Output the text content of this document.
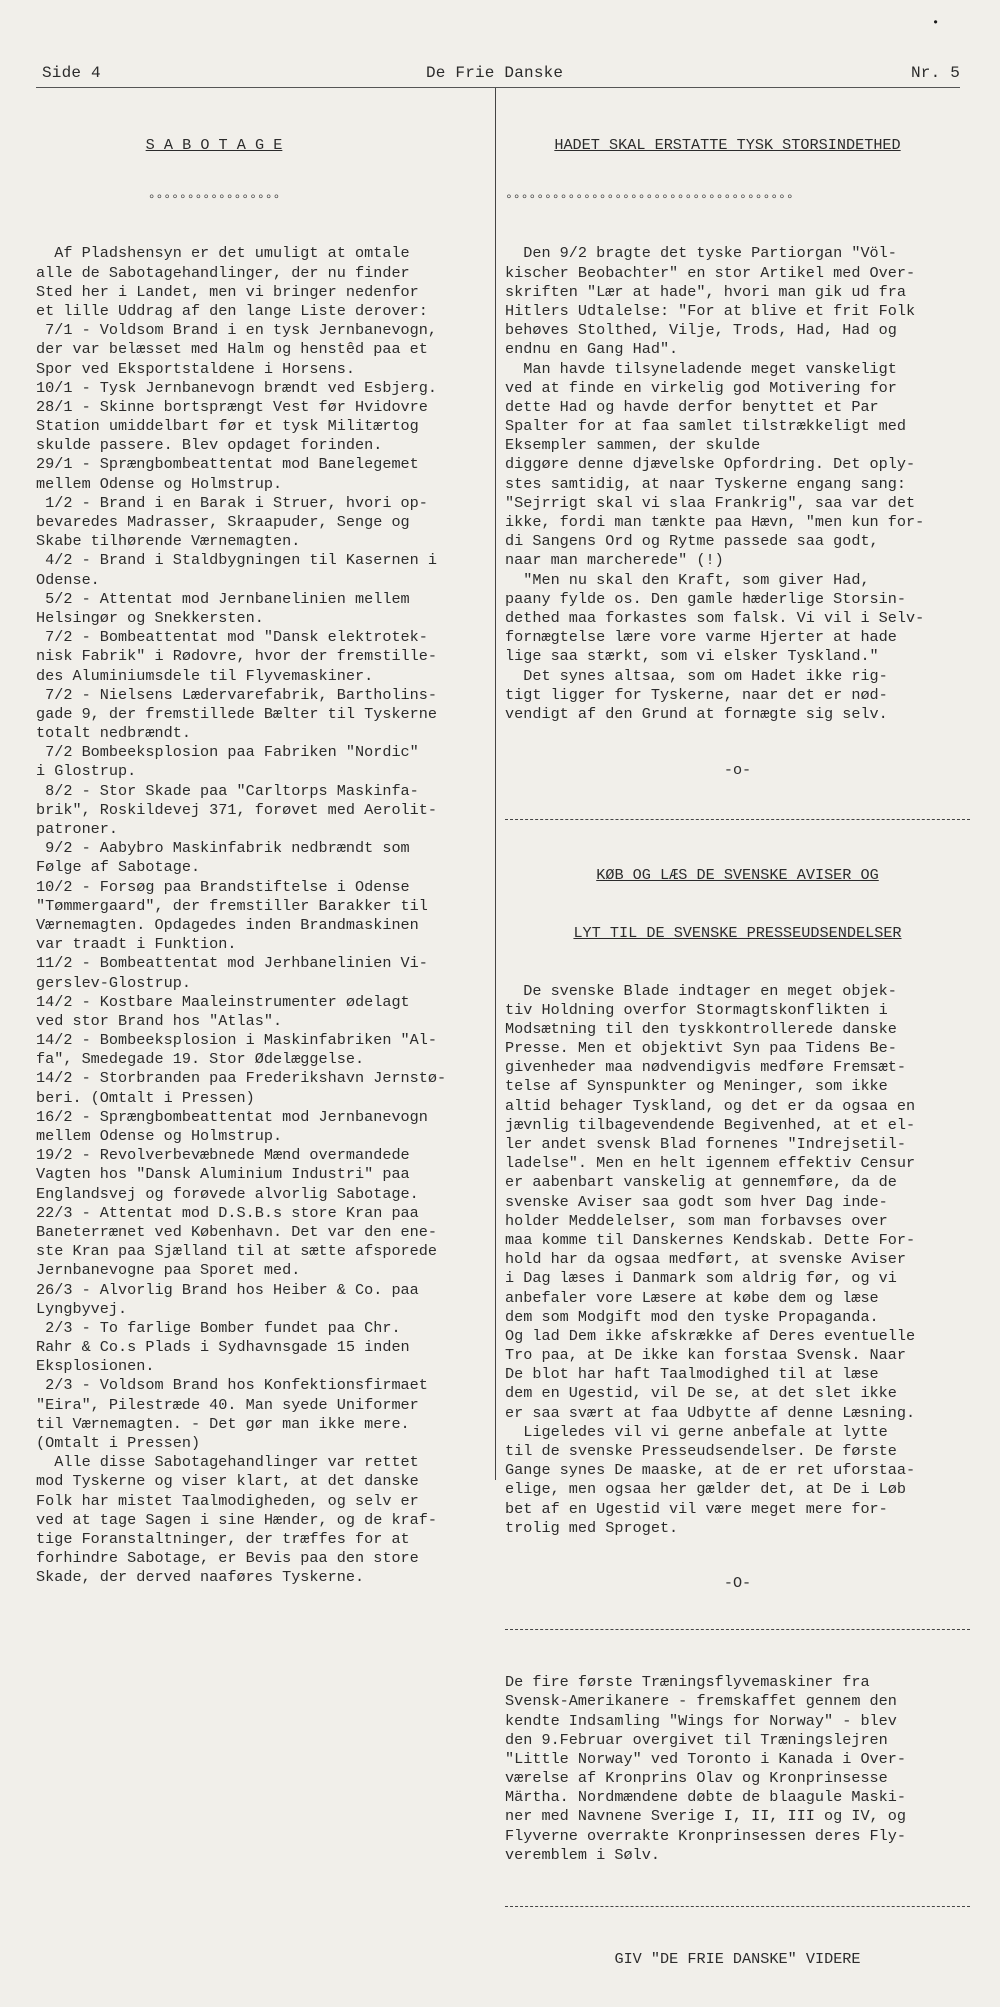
•
Side 4	De Frie Danske	Nr. 5

S A B O T A G E

°°°°°°°°°°°°°°°°°

Af Pladshensyn er det umuligt at omtale
alle de Sabotagehandlinger, der nu finder
Sted her i Landet, men vi bringer nedenfor
et lille Uddrag af den lange Liste derover:
7/1 - Voldsom Brand i en tysk Jernbanevogn,
der var belæsset med Halm og henstêd paa et
Spor ved Eksportstaldene i Horsens.
10/1 - Tysk Jernbanevogn brændt ved Esbjerg.
28/1 - Skinne bortsprængt Vest før Hvidovre
Station umiddelbart før et tysk Militærtog
skulde passere. Blev opdaget forinden.
29/1 - Sprængbombeattentat mod Banelegemet
mellem Odense og Holmstrup.
1/2 - Brand i en Barak i Struer, hvori op-
bevaredes Madrasser, Skraapuder, Senge og
Skabe tilhørende Værnemagten.
4/2 - Brand i Staldbygningen til Kasernen i
Odense.
5/2 - Attentat mod Jernbanelinien mellem
Helsingør og Snekkersten.
7/2 - Bombeattentat mod "Dansk elektrotek-
nisk Fabrik" i Rødovre, hvor der fremstille-
des Aluminiumsdele til Flyvemaskiner.
7/2 - Nielsens Lædervarefabrik, Bartholins-
gade 9, der fremstillede Bælter til Tyskerne
totalt nedbrændt.
7/2 Bombeeksplosion paa Fabriken "Nordic"
i Glostrup.
8/2 - Stor Skade paa "Carltorps Maskinfa-
brik", Roskildevej 371, forøvet med Aerolit-
patroner.
9/2 - Aabybro Maskinfabrik nedbrændt som
Følge af Sabotage.
10/2 - Forsøg paa Brandstiftelse i Odense
"Tømmergaard", der fremstiller Barakker til
Værnemagten. Opdagedes inden Brandmaskinen
var traadt i Funktion.
11/2 - Bombeattentat mod Jerhbanelinien Vi-
gerslev-Glostrup.
14/2 - Kostbare Maaleinstrumenter ødelagt
ved stor Brand hos "Atlas".
14/2 - Bombeeksplosion i Maskinfabriken "Al-
fa", Smedegade 19. Stor Ødelæggelse.
14/2 - Storbranden paa Frederikshavn Jernstø-
beri. (Omtalt i Pressen)
16/2 - Sprængbombeattentat mod Jernbanevogn
mellem Odense og Holmstrup.
19/2 - Revolverbevæbnede Mænd overmandede
Vagten hos "Dansk Aluminium Industri" paa
Englandsvej og forøvede alvorlig Sabotage.
22/3 - Attentat mod D.S.B.s store Kran paa
Baneterrænet ved København. Det var den ene-
ste Kran paa Sjælland til at sætte afsporede
Jernbanevogne paa Sporet med.
26/3 - Alvorlig Brand hos Heiber & Co. paa
Lyngbyvej.
2/3 - To farlige Bomber fundet paa Chr.
Rahr & Co.s Plads i Sydhavnsgade 15 inden
Eksplosionen.
2/3 - Voldsom Brand hos Konfektionsfirmaet
"Eira", Pilestræde 40. Man syede Uniformer
til Værnemagten. - Det gør man ikke mere.
(Omtalt i Pressen)
Alle disse Sabotagehandlinger var rettet
mod Tyskerne og viser klart, at det danske
Folk har mistet Taalmodigheden, og selv er
ved at tage Sagen i sine Hænder, og de kraf-
tige Foranstaltninger, der træffes for at
forhindre Sabotage, er Bevis paa den store
Skade, der derved naaføres Tyskerne.

HADET SKAL ERSTATTE TYSK STORSINDETHED

°°°°°°°°°°°°°°°°°°°°°°°°°°°°°°°°°°°°°

Den 9/2 bragte det tyske Partiorgan "Völ-
kischer Beobachter" en stor Artikel med Over-
skriften "Lær at hade", hvori man gik ud fra
Hitlers Udtalelse: "For at blive et frit Folk
behøves Stolthed, Vilje, Trods, Had, Had og
endnu en Gang Had".
Man havde tilsyneladende meget vanskeligt
ved at finde en virkelig god Motivering for
dette Had og havde derfor benyttet et Par
Spalter for at faa samlet tilstrækkeligt med
Eksempler sammen, der skulde
diggøre denne djævelske Opfordring. Det oply-
stes samtidig, at naar Tyskerne engang sang:
"Sejrrigt skal vi slaa Frankrig", saa var det
ikke, fordi man tænkte paa Hævn, "men kun for-
di Sangens Ord og Rytme passede saa godt,
naar man marcherede" (!)
"Men nu skal den Kraft, som giver Had,
paany fylde os. Den gamle hæderlige Storsin-
dethed maa forkastes som falsk. Vi vil i Selv-
fornægtelse lære vore varme Hjerter at hade
lige saa stærkt, som vi elsker Tyskland."
Det synes altsaa, som om Hadet ikke rig-
tigt ligger for Tyskerne, naar det er nød-
vendigt af den Grund at fornægte sig selv.

-o-

KØB OG LÆS DE SVENSKE AVISER OG

LYT TIL DE SVENSKE PRESSEUDSENDELSER

De svenske Blade indtager en meget objek-
tiv Holdning overfor Stormagtskonflikten i
Modsætning til den tyskkontrollerede danske
Presse. Men et objektivt Syn paa Tidens Be-
givenheder maa nødvendigvis medføre Fremsæt-
telse af Synspunkter og Meninger, som ikke
altid behager Tyskland, og det er da ogsaa en
jævnlig tilbagevendende Begivenhed, at et el-
ler andet svensk Blad fornenes "Indrejsetil-
ladelse". Men en helt igennem effektiv Censur
er aabenbart vanskelig at gennemføre, da de
svenske Aviser saa godt som hver Dag inde-
holder Meddelelser, som man forbavses over
maa komme til Danskernes Kendskab. Dette For-
hold har da ogsaa medført, at svenske Aviser
i Dag læses i Danmark som aldrig før, og vi
anbefaler vore Læsere at købe dem og læse
dem som Modgift mod den tyske Propaganda.
Og lad Dem ikke afskrække af Deres eventuelle
Tro paa, at De ikke kan forstaa Svensk. Naar
De blot har haft Taalmodighed til at læse
dem en Ugestid, vil De se, at det slet ikke
er saa svært at faa Udbytte af denne Læsning.
Ligeledes vil vi gerne anbefale at lytte
til de svenske Presseudsendelser. De første
Gange synes De maaske, at de er ret uforstaa-
elige, men ogsaa her gælder det, at De i Løb
bet af en Ugestid vil være meget mere for-
trolig med Sproget.

-O-

De fire første Træningsflyvemaskiner fra
Svensk-Amerikanere - fremskaffet gennem den
kendte Indsamling "Wings for Norway" - blev
den 9.Februar overgivet til Træningslejren
"Little Norway" ved Toronto i Kanada i Over-
værelse af Kronprins Olav og Kronprinsesse
Märtha. Nordmændene døbte de blaagule Maski-
ner med Navnene Sverige I, II, III og IV, og
Flyverne overrakte Kronprinsessen deres Fly-
veremblem i Sølv.

GIV "DE FRIE DANSKE" VIDERE
